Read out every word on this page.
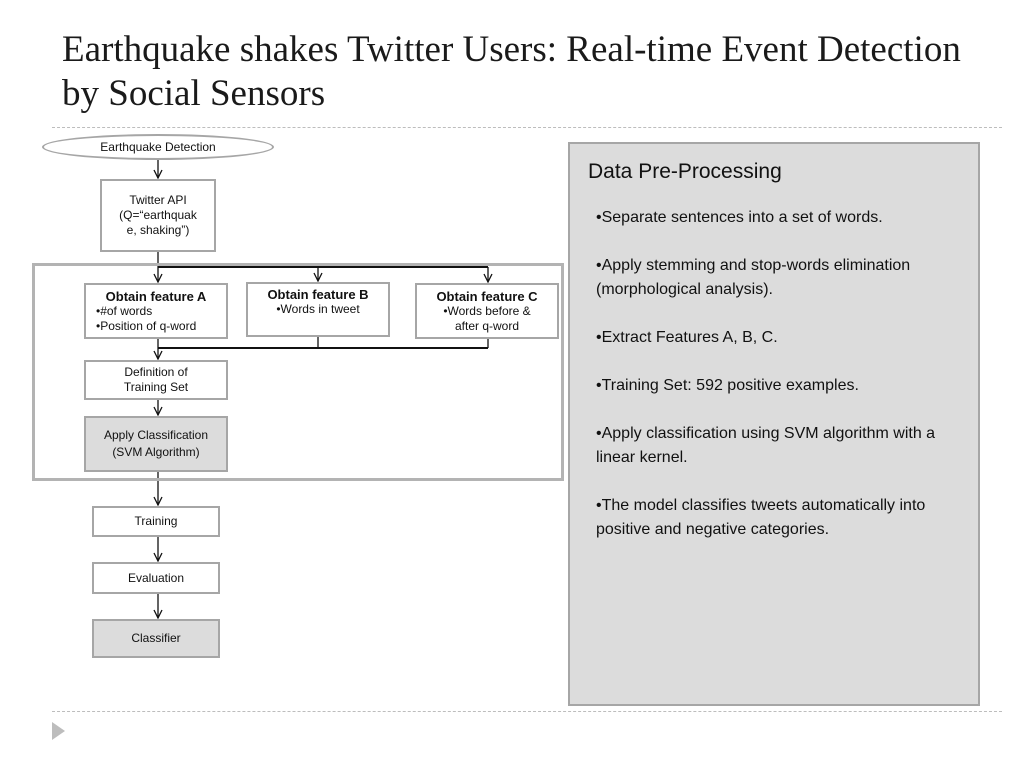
Earthquake shakes Twitter Users: Real-time Event Detection by Social Sensors
Earthquake Detection
Twitter API
(Q=“earthquak
e, shaking”)
Obtain feature A
•#of words
•Position of q-word
Obtain feature B
•Words in tweet
Obtain feature C
•Words before &
after q-word
Definition of
Training Set
Apply Classification
(SVM Algorithm)
Training
Evaluation
Classifier
Data Pre-Processing
•Separate sentences into a set of words.
•Apply stemming and stop-words elimination (morphological analysis).
•Extract Features A, B, C.
•Training Set: 592 positive examples.
•Apply classification using SVM algorithm with a linear kernel.
•The model classifies tweets automatically into positive and negative categories.
